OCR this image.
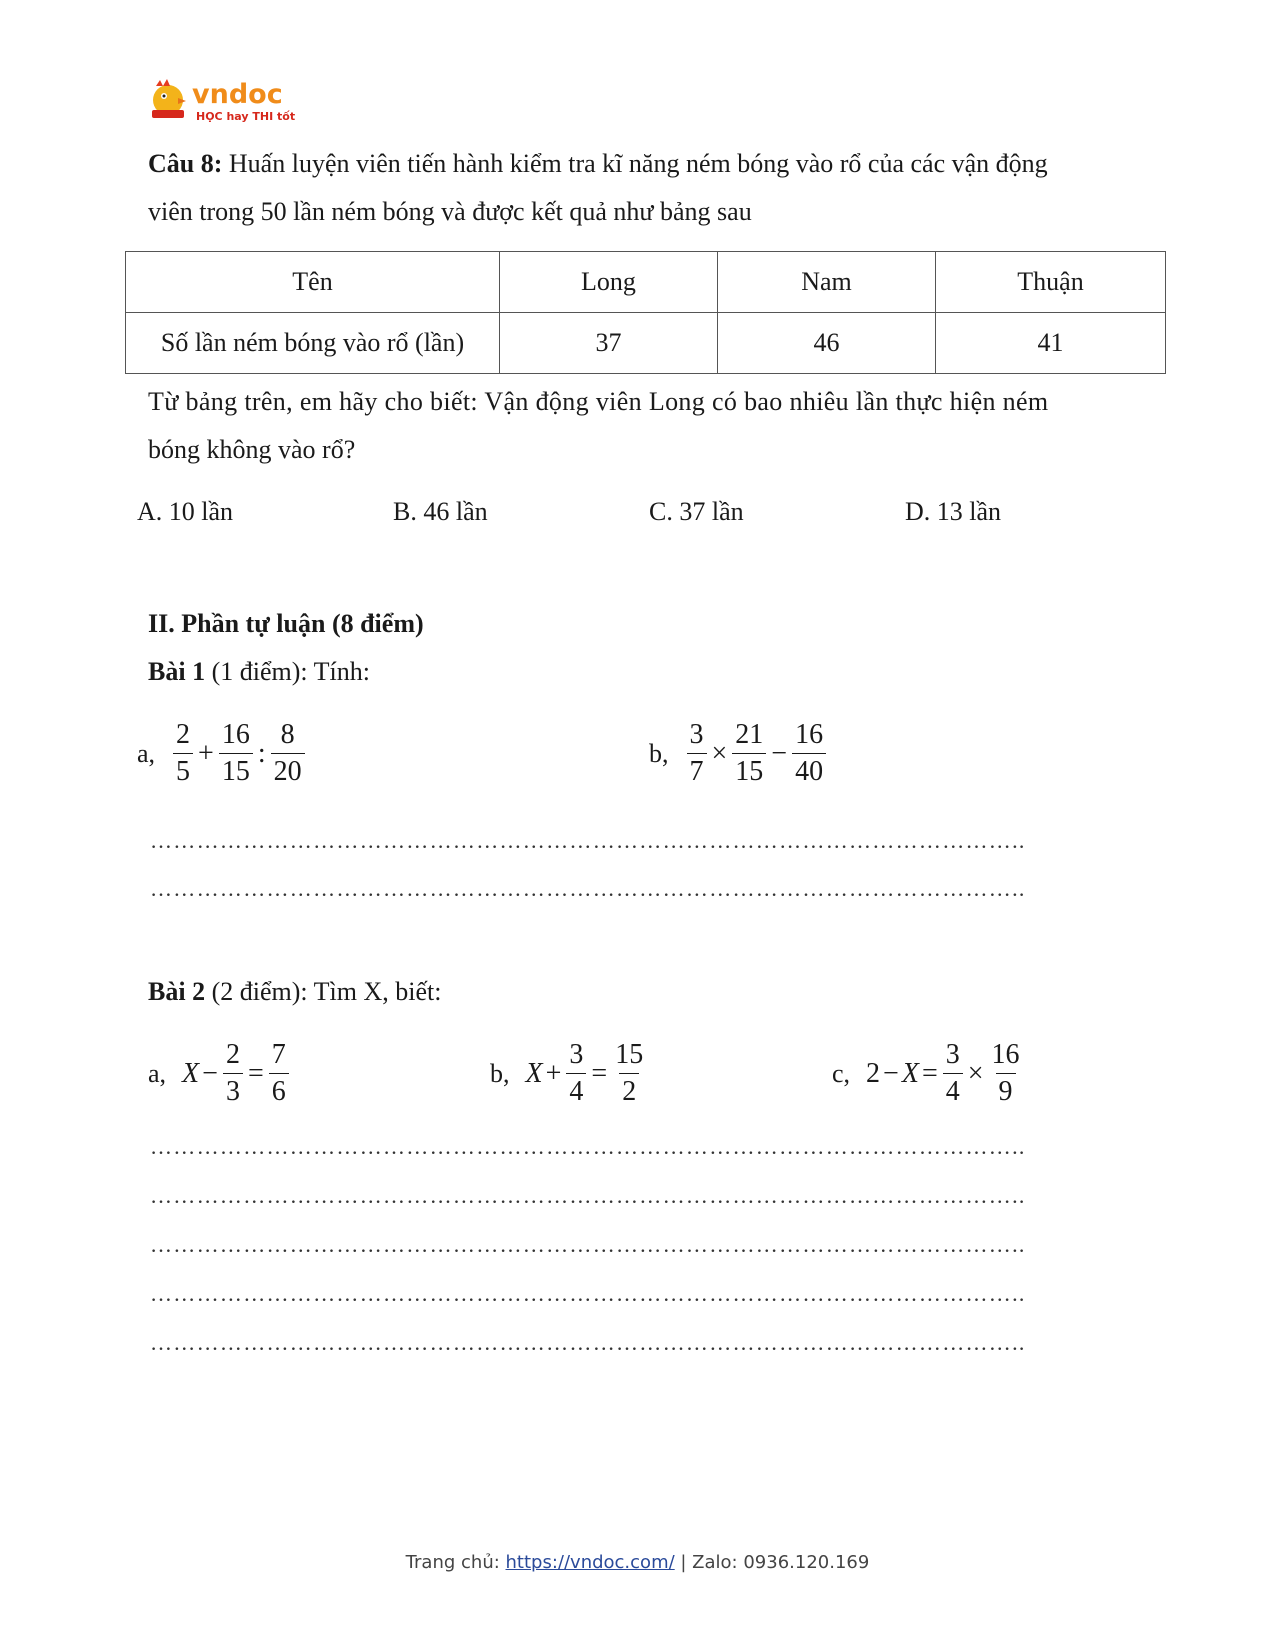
vndoc
HỌC hay THI tốt
Câu 8: Huấn luyện viên tiến hành kiểm tra kĩ năng ném bóng vào rổ của các vận động
viên trong 50 lần ném bóng và được kết quả như bảng sau
Tên	Long	Nam	Thuận
Số lần ném bóng vào rổ (lần)	37	46	41
Từ bảng trên, em hãy cho biết: Vận động viên Long có bao nhiêu lần thực hiện ném
bóng không vào rổ?
A. 10 lần	B. 46 lần	C. 37 lần	D. 13 lần
II. Phần tự luận (8 điểm)
Bài 1 (1 điểm): Tính:
a, $\frac{2}{5} + \frac{16}{15}$ : $\frac{8}{20}$	b, $\frac{3}{7} \times \frac{21}{15} - \frac{16}{40}$
…………………………………………………………………………………………………..
…………………………………………………………………………………………………..
Bài 2 (2 điểm): Tìm X, biết:
a, $X - \frac{2}{3} = \frac{7}{6}$	b, $X + \frac{3}{4} = \frac{15}{2}$	c, $2 - X = \frac{3}{4} \times \frac{16}{9}$
…………………………………………………………………………………………………..
…………………………………………………………………………………………………..
…………………………………………………………………………………………………..
…………………………………………………………………………………………………..
…………………………………………………………………………………………………..
Trang chủ: https://vndoc.com/ | Zalo: 0936.120.169
